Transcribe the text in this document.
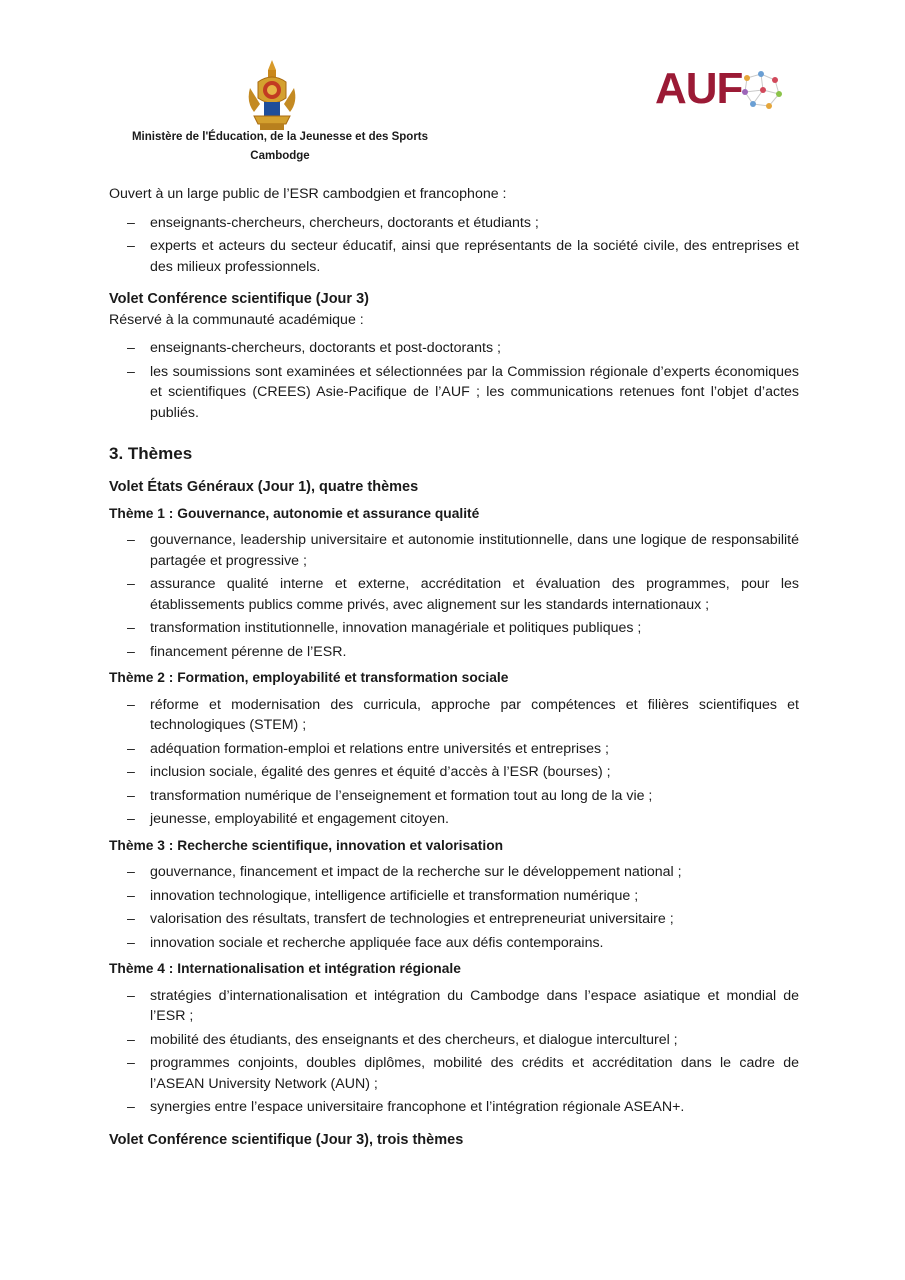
Ministère de l'Éducation, de la Jeunesse et des Sports
Cambodge
AUF

Ouvert à un large public de l’ESR cambodgien et francophone :

– enseignants-chercheurs, chercheurs, doctorants et étudiants ;
– experts et acteurs du secteur éducatif, ainsi que représentants de la société civile, des entreprises et des milieux professionnels.

Volet Conférence scientifique (Jour 3)

Réservé à la communauté académique :

– enseignants-chercheurs, doctorants et post-doctorants ;
– les soumissions sont examinées et sélectionnées par la Commission régionale d’experts économiques et scientifiques (CREES) Asie-Pacifique de l’AUF ; les communications retenues font l’objet d’actes publiés.

3. Thèmes

Volet États Généraux (Jour 1), quatre thèmes

Thème 1 : Gouvernance, autonomie et assurance qualité

– gouvernance, leadership universitaire et autonomie institutionnelle, dans une logique de responsabilité partagée et progressive ;
– assurance qualité interne et externe, accréditation et évaluation des programmes, pour les établissements publics comme privés, avec alignement sur les standards internationaux ;
– transformation institutionnelle, innovation managériale et politiques publiques ;
– financement pérenne de l’ESR.

Thème 2 : Formation, employabilité et transformation sociale

– réforme et modernisation des curricula, approche par compétences et filières scientifiques et technologiques (STEM) ;
– adéquation formation-emploi et relations entre universités et entreprises ;
– inclusion sociale, égalité des genres et équité d’accès à l’ESR (bourses) ;
– transformation numérique de l’enseignement et formation tout au long de la vie ;
– jeunesse, employabilité et engagement citoyen.

Thème 3 : Recherche scientifique, innovation et valorisation

– gouvernance, financement et impact de la recherche sur le développement national ;
– innovation technologique, intelligence artificielle et transformation numérique ;
– valorisation des résultats, transfert de technologies et entrepreneuriat universitaire ;
– innovation sociale et recherche appliquée face aux défis contemporains.

Thème 4 : Internationalisation et intégration régionale

– stratégies d’internationalisation et intégration du Cambodge dans l’espace asiatique et mondial de l’ESR ;
– mobilité des étudiants, des enseignants et des chercheurs, et dialogue interculturel ;
– programmes conjoints, doubles diplômes, mobilité des crédits et accréditation dans le cadre de l’ASEAN University Network (AUN) ;
– synergies entre l’espace universitaire francophone et l’intégration régionale ASEAN+.

Volet Conférence scientifique (Jour 3), trois thèmes
